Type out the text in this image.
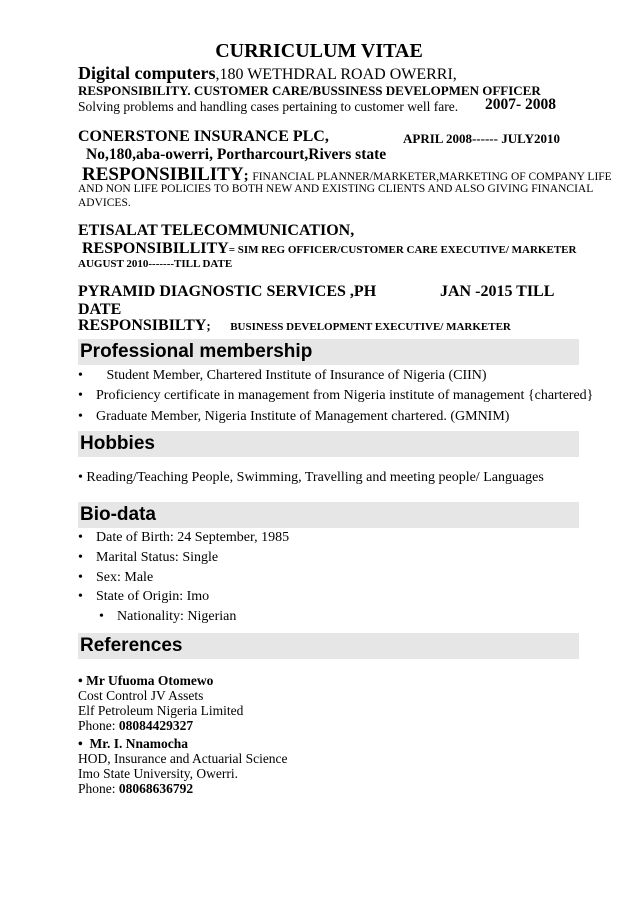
CURRICULUM VITAE
Digital computers,180 WETHDRAL ROAD OWERRI,
RESPONSIBILITY. CUSTOMER CARE/BUSSINESS DEVELOPMEN OFFICER
Solving problems and handling cases pertaining to customer well fare. 2007- 2008
CONERSTONE INSURANCE PLC,	APRIL 2008------ JULY2010
No,180,aba-owerri, Portharcourt,Rivers state
RESPONSIBILITY; FINANCIAL PLANNER/MARKETER,MARKETING OF COMPANY LIFE
AND NON LIFE POLICIES TO BOTH NEW AND EXISTING CLIENTS AND ALSO GIVING FINANCIAL
ADVICES.
ETISALAT TELECOMMUNICATION,
RESPONSIBILLITY= SIM REG OFFICER/CUSTOMER CARE EXECUTIVE/ MARKETER
AUGUST 2010-------TILL DATE
PYRAMID DIAGNOSTIC SERVICES ,PH	JAN -2015 TILL
DATE
RESPONSIBILTY;      BUSINESS DEVELOPMENT EXECUTIVE/ MARKETER
Professional membership
• Student Member, Chartered Institute of Insurance of Nigeria (CIIN)
• Proficiency certificate in management from Nigeria institute of management {chartered}
• Graduate Member, Nigeria Institute of Management chartered. (GMNIM)
Hobbies
• Reading/Teaching People, Swimming, Travelling and meeting people/ Languages
Bio-data
• Date of Birth: 24 September, 1985
• Marital Status: Single
• Sex: Male
• State of Origin: Imo
• Nationality: Nigerian
References
• Mr Ufuoma Otomewo
Cost Control JV Assets
Elf Petroleum Nigeria Limited
Phone: 08084429327
•  Mr. I. Nnamocha
HOD, Insurance and Actuarial Science
Imo State University, Owerri.
Phone: 08068636792
